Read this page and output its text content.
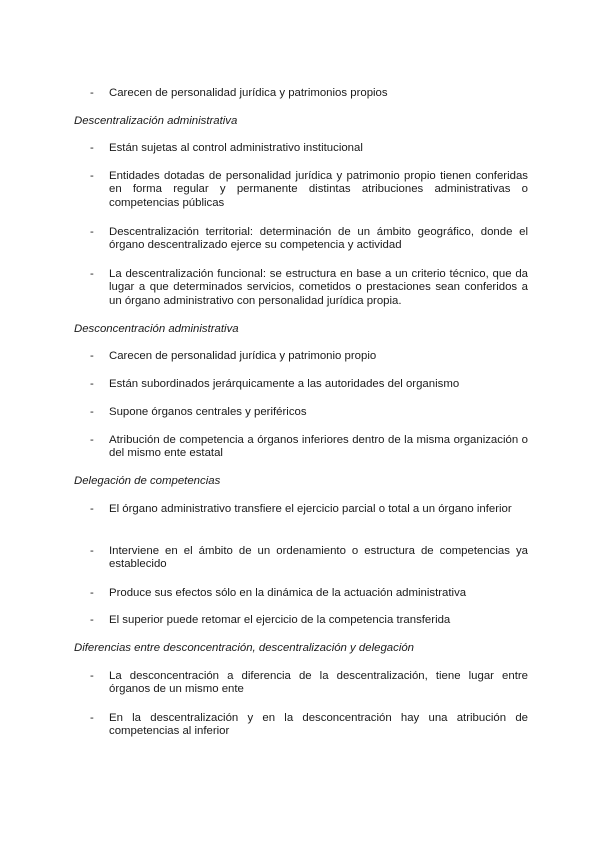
- Carecen de personalidad jurídica y patrimonios propios
Descentralización administrativa
- Están sujetas al control administrativo institucional
- Entidades dotadas de personalidad jurídica y patrimonio propio tienen conferidas en forma regular y permanente distintas atribuciones administrativas o competencias públicas
- Descentralización territorial: determinación de un ámbito geográfico, donde el órgano descentralizado ejerce su competencia y actividad
- La descentralización funcional: se estructura en base a un criterio técnico, que da lugar a que determinados servicios, cometidos o prestaciones sean conferidos a un órgano administrativo con personalidad jurídica propia.
Desconcentración administrativa
- Carecen de personalidad jurídica y patrimonio propio
- Están subordinados jerárquicamente a las autoridades del organismo
- Supone órganos centrales y periféricos
- Atribución de competencia a órganos inferiores dentro de la misma organización o del mismo ente estatal
Delegación de competencias
- El órgano administrativo transfiere el ejercicio parcial o total a un órgano inferior
- Interviene en el ámbito de un ordenamiento o estructura de competencias ya establecido
- Produce sus efectos sólo en la dinámica de la actuación administrativa
- El superior puede retomar el ejercicio de la competencia transferida
Diferencias entre desconcentración, descentralización y delegación
- La desconcentración a diferencia de la descentralización, tiene lugar entre órganos de un mismo ente
- En la descentralización y en la desconcentración hay una atribución de competencias al inferior
